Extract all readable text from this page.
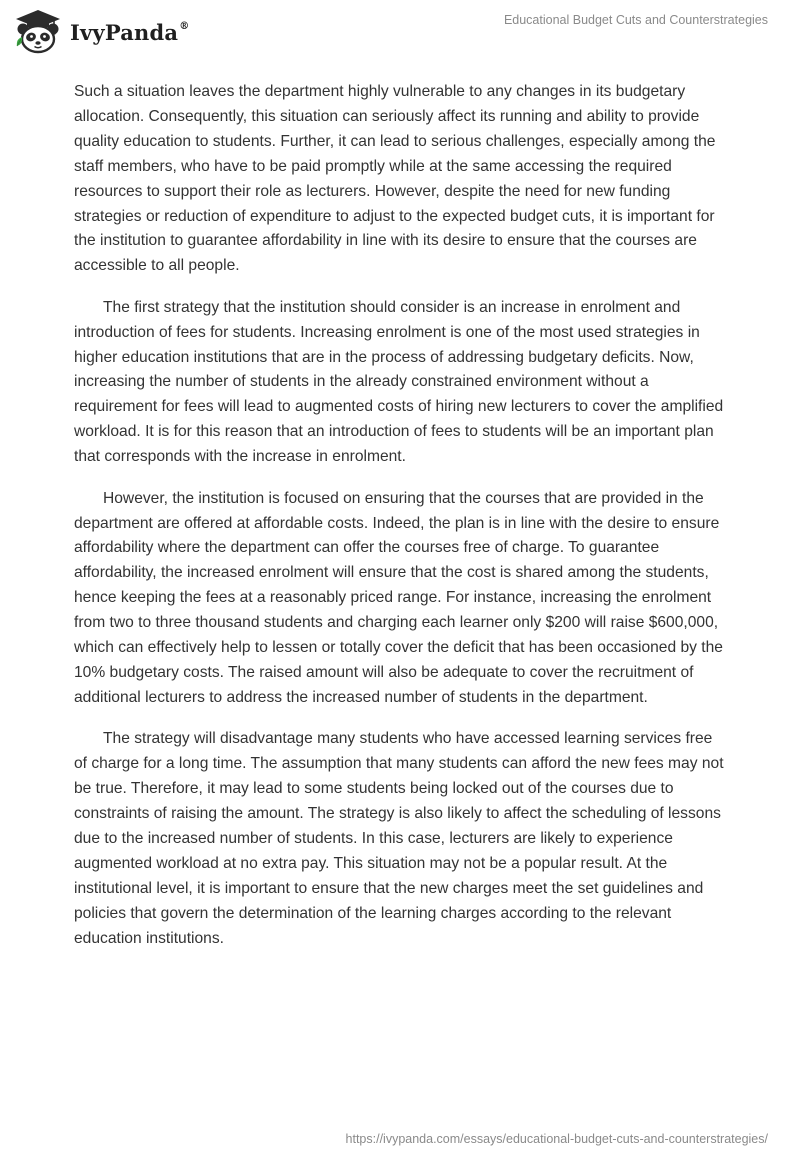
IvyPanda®	Educational Budget Cuts and Counterstrategies

Such a situation leaves the department highly vulnerable to any changes in its budgetary allocation. Consequently, this situation can seriously affect its running and ability to provide quality education to students. Further, it can lead to serious challenges, especially among the staff members, who have to be paid promptly while at the same accessing the required resources to support their role as lecturers. However, despite the need for new funding strategies or reduction of expenditure to adjust to the expected budget cuts, it is important for the institution to guarantee affordability in line with its desire to ensure that the courses are accessible to all people.

The first strategy that the institution should consider is an increase in enrolment and introduction of fees for students. Increasing enrolment is one of the most used strategies in higher education institutions that are in the process of addressing budgetary deficits. Now, increasing the number of students in the already constrained environment without a requirement for fees will lead to augmented costs of hiring new lecturers to cover the amplified workload. It is for this reason that an introduction of fees to students will be an important plan that corresponds with the increase in enrolment.

However, the institution is focused on ensuring that the courses that are provided in the department are offered at affordable costs. Indeed, the plan is in line with the desire to ensure affordability where the department can offer the courses free of charge. To guarantee affordability, the increased enrolment will ensure that the cost is shared among the students, hence keeping the fees at a reasonably priced range. For instance, increasing the enrolment from two to three thousand students and charging each learner only $200 will raise $600,000, which can effectively help to lessen or totally cover the deficit that has been occasioned by the 10% budgetary costs. The raised amount will also be adequate to cover the recruitment of additional lecturers to address the increased number of students in the department.

The strategy will disadvantage many students who have accessed learning services free of charge for a long time. The assumption that many students can afford the new fees may not be true. Therefore, it may lead to some students being locked out of the courses due to constraints of raising the amount. The strategy is also likely to affect the scheduling of lessons due to the increased number of students. In this case, lecturers are likely to experience augmented workload at no extra pay. This situation may not be a popular result. At the institutional level, it is important to ensure that the new charges meet the set guidelines and policies that govern the determination of the learning charges according to the relevant education institutions.

https://ivypanda.com/essays/educational-budget-cuts-and-counterstrategies/
